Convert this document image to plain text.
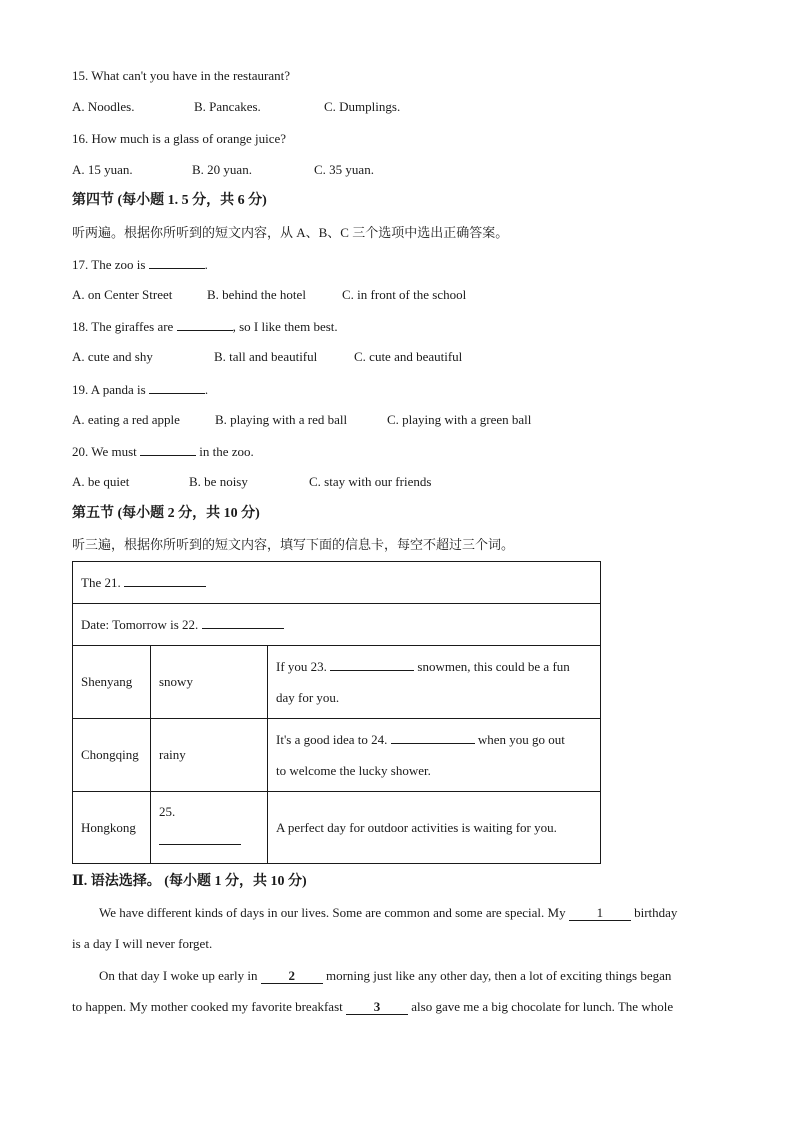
15. What can't you have in the restaurant?
A. Noodles.	B. Pancakes.	C. Dumplings.
16. How much is a glass of orange juice?
A. 15 yuan.	B. 20 yuan.	C. 35 yuan.
第四节 (每小题 1. 5 分，共 6 分)
听两遍。根据你所听到的短文内容，从 A、B、C 三个选项中选出正确答案。
17. The zoo is	.
A. on Center Street	B. behind the hotel	C. in front of the school
18. The giraffes are	, so I like them best.
A. cute and shy	B. tall and beautiful	C. cute and beautiful
19. A panda is	.
A. eating a red apple	B. playing with a red ball	C. playing with a green ball
20. We must	in the zoo.
A. be quiet	B. be noisy	C. stay with our friends
第五节 (每小题 2 分，共 10 分)
听三遍，根据你所听到的短文内容，填写下面的信息卡，每空不超过三个词。
The 21.		
Date: Tomorrow is 22.		
Shenyang	snowy	If you 23. snowmen, this could be a fun
day for you.

Chongqing	rainy	It's a good idea to 24. when you go out
to welcome the lucky shower.

Hongkong	25.	A perfect day for outdoor activities is waiting for you.
Ⅱ. 语法选择。 (每小题 1 分，共 10 分)
We have different kinds of days in our lives. Some are common and some are special. My 1 birthday
is a day I will never forget.
On that day I woke up early in 2 morning just like any other day, then a lot of exciting things began
to happen. My mother cooked my favorite breakfast 3 also gave me a big chocolate for lunch. The whole
